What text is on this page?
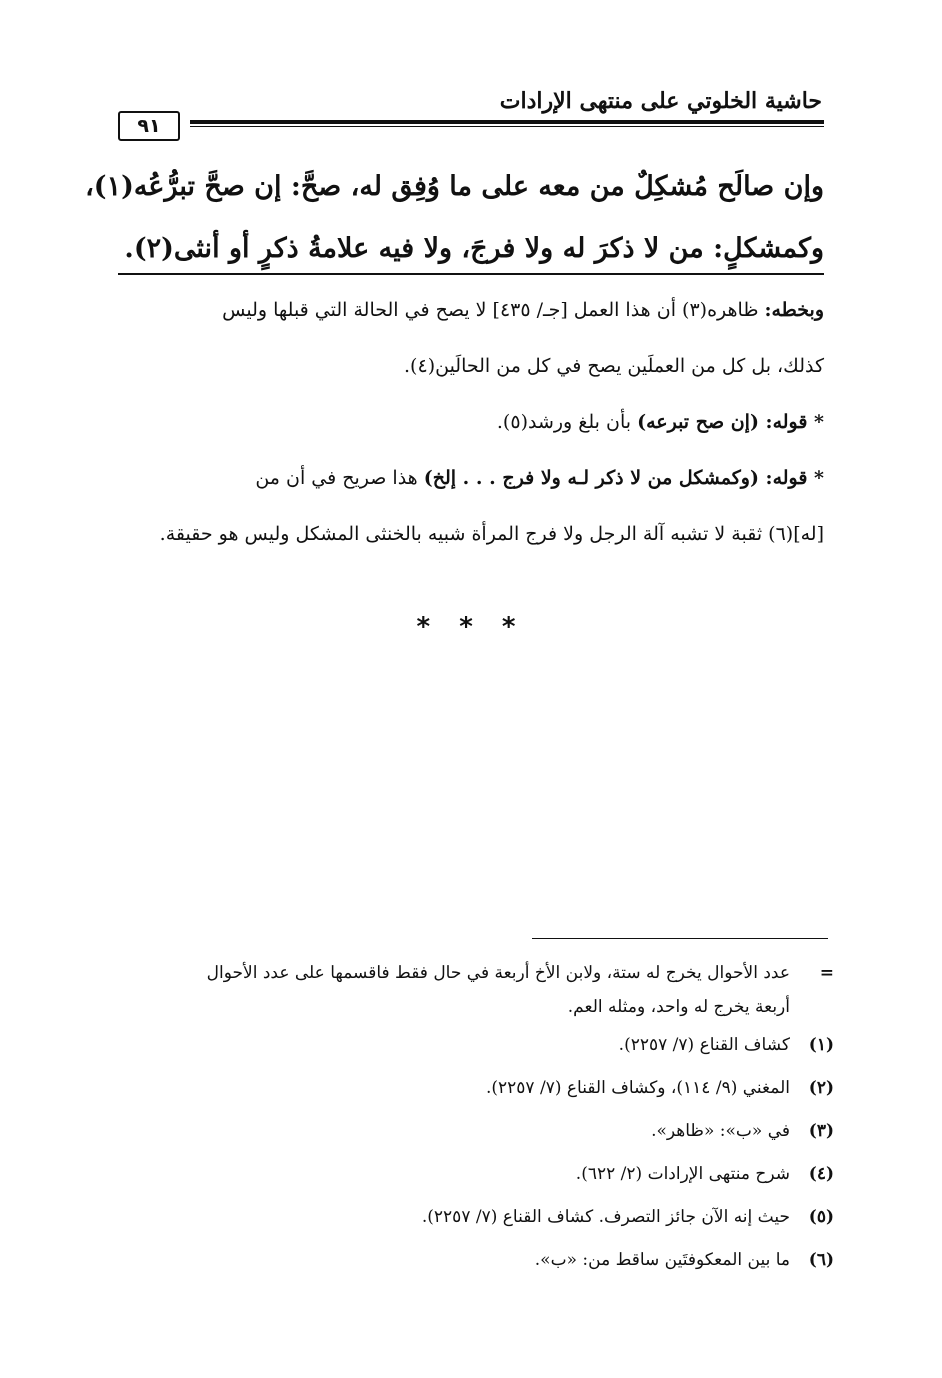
حاشية الخلوتي على منتهى الإرادات
٩١
وإن صالَح مُشكِلٌ من معه على ما وُفِق له، صحَّ: إن صحَّ تبرُّعُه(١)،
وكمشكلٍ: من لا ذكرَ له ولا فرجَ، ولا فيه علامةُ ذكرٍ أو أنثى(٢).
وبخطه: ظاهره(٣) أن هذا العمل [جـ/ ٤٣٥] لا يصح في الحالة التي قبلها وليس
كذلك، بل كل من العملَين يصح في كل من الحالَين(٤).
* قوله: (إن صح تبرعه) بأن بلغ ورشد(٥).
* قوله: (وكمشكل من لا ذكر لـه ولا فرج . . . إلخ) هذا صريح في أن من
[له](٦) ثقبة لا تشبه آلة الرجل ولا فرج المرأة شبيه بالخنثى المشكل وليس هو حقيقة.
* * *
=عدد الأحوال يخرج له ستة، ولابن الأخ أربعة في حال فقط فاقسمها على عدد الأحوال
أربعة يخرج له واحد، ومثله العم.
(١)كشاف القناع (٧/ ٢٢٥٧).
(٢)المغني (٩/ ١١٤)، وكشاف القناع (٧/ ٢٢٥٧).
(٣)في «ب»: «ظاهر».
(٤)شرح منتهى الإرادات (٢/ ٦٢٢).
(٥)حيث إنه الآن جائز التصرف. كشاف القناع (٧/ ٢٢٥٧).
(٦)ما بين المعكوفتَين ساقط من: «ب».
